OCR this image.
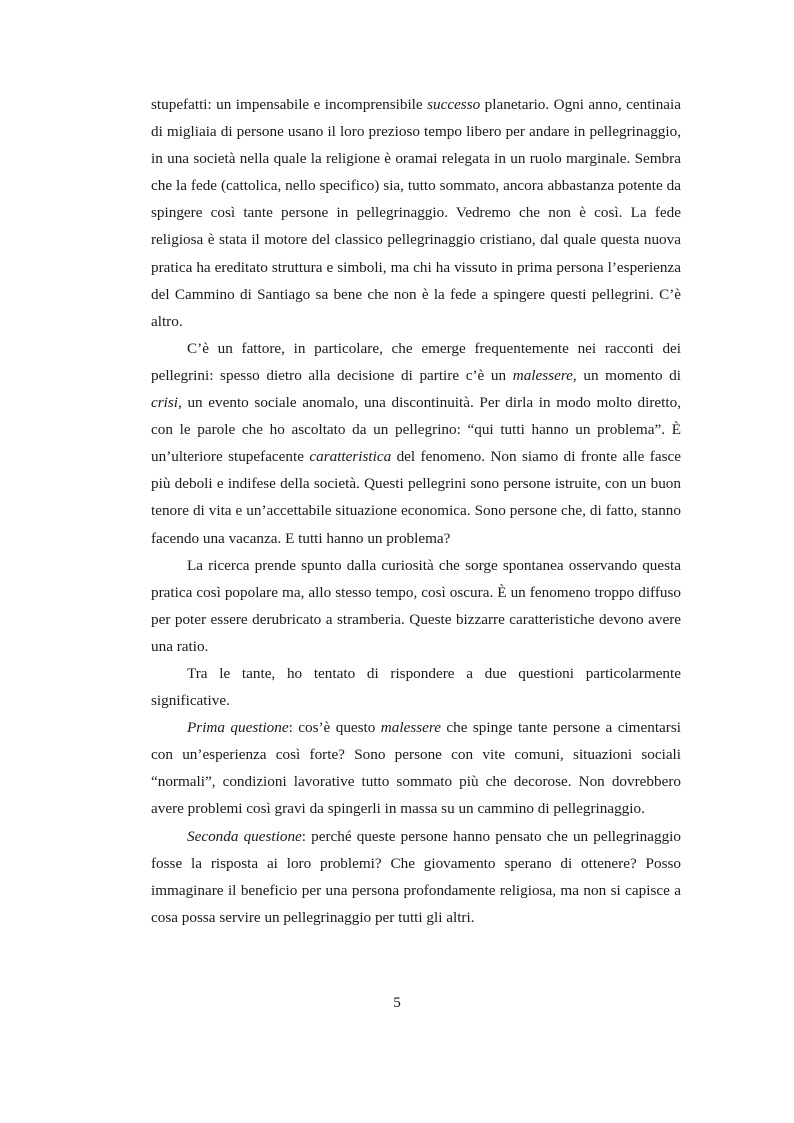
stupefatti: un impensabile e incomprensibile successo planetario. Ogni anno, centinaia di migliaia di persone usano il loro prezioso tempo libero per andare in pellegrinaggio, in una società nella quale la religione è oramai relegata in un ruolo marginale. Sembra che la fede (cattolica, nello specifico) sia, tutto sommato, ancora abbastanza potente da spingere così tante persone in pellegrinaggio. Vedremo che non è così. La fede religiosa è stata il motore del classico pellegrinaggio cristiano, dal quale questa nuova pratica ha ereditato struttura e simboli, ma chi ha vissuto in prima persona l’esperienza del Cammino di Santiago sa bene che non è la fede a spingere questi pellegrini. C’è altro.

C’è un fattore, in particolare, che emerge frequentemente nei racconti dei pellegrini: spesso dietro alla decisione di partire c’è un malessere, un momento di crisi, un evento sociale anomalo, una discontinuità. Per dirla in modo molto diretto, con le parole che ho ascoltato da un pellegrino: “qui tutti hanno un problema”. È un’ulteriore stupefacente caratteristica del fenomeno. Non siamo di fronte alle fasce più deboli e indifese della società. Questi pellegrini sono persone istruite, con un buon tenore di vita e un’accettabile situazione economica. Sono persone che, di fatto, stanno facendo una vacanza. E tutti hanno un problema?

La ricerca prende spunto dalla curiosità che sorge spontanea osservando questa pratica così popolare ma, allo stesso tempo, così oscura. È un fenomeno troppo diffuso per poter essere derubricato a stramberia. Queste bizzarre caratteristiche devono avere una ratio.

Tra le tante, ho tentato di rispondere a due questioni particolarmente significative.

Prima questione: cos’è questo malessere che spinge tante persone a cimentarsi con un’esperienza così forte? Sono persone con vite comuni, situazioni sociali “normali”, condizioni lavorative tutto sommato più che decorose. Non dovrebbero avere problemi così gravi da spingerli in massa su un cammino di pellegrinaggio.

Seconda questione: perché queste persone hanno pensato che un pellegrinaggio fosse la risposta ai loro problemi? Che giovamento sperano di ottenere? Posso immaginare il beneficio per una persona profondamente religiosa, ma non si capisce a cosa possa servire un pellegrinaggio per tutti gli altri.

5
